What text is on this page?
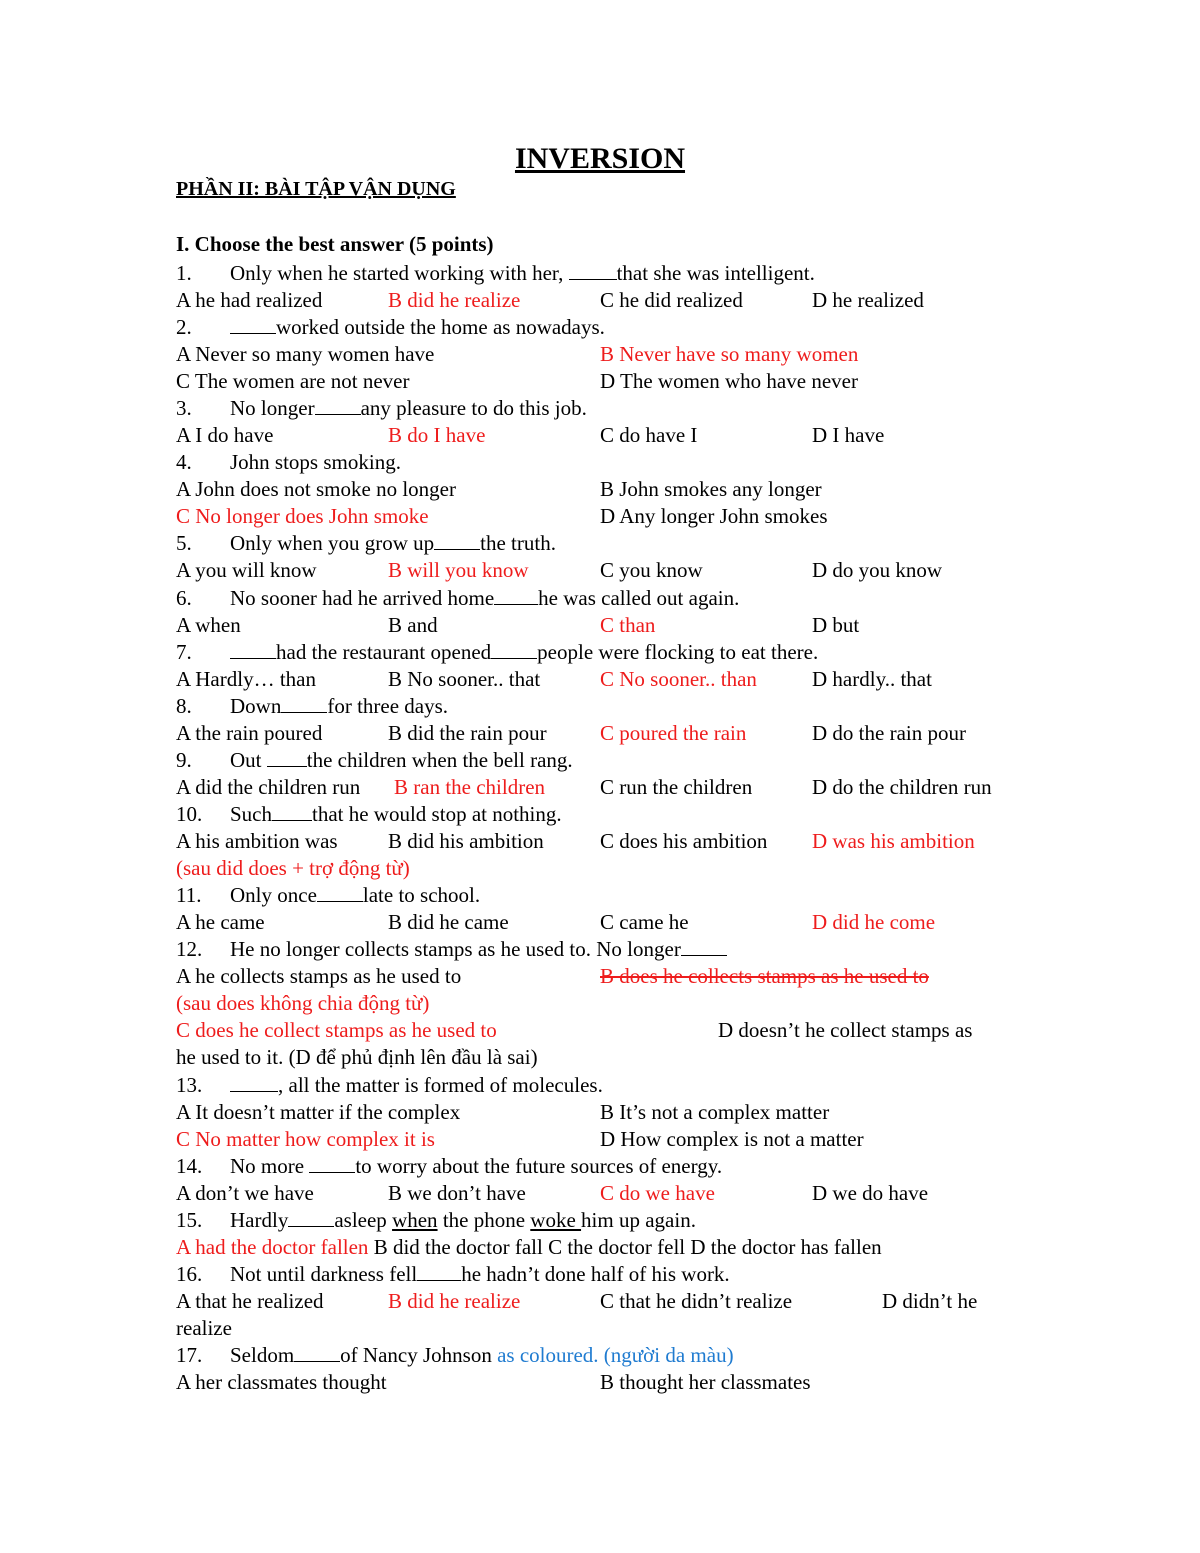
INVERSION
PHẦN II: BÀI TẬP VẬN DỤNG
I. Choose the best answer (5 points)
1. Only when he started working with her, that she was intelligent.
A he had realized	B did he realize	C he did realized	D he realized
2.	worked outside the home as nowadays.
A Never so many women have	B Never have so many women
C The women are not never	D The women who have never
3. No longer any pleasure to do this job.
A I do have	B do I have	C do have I	D I have
4. John stops smoking.
A John does not smoke no longer	B John smokes any longer
C No longer does John smoke	D Any longer John smokes
5. Only when you grow up the truth.
A you will know	B will you know	C you know	D do you know
6. No sooner had he arrived home he was called out again.
A when	B and	C than	D but
7.	had the restaurant opened people were flocking to eat there.
A Hardly… than	B No sooner.. that	C No sooner.. than	D hardly.. that
8. Down for three days.
A the rain poured	B did the rain pour	C poured the rain	D do the rain pour
9. Out the children when the bell rang.
A did the children run B ran the children	C run the children	D do the children run
10. Such that he would stop at nothing.
A his ambition was B did his ambition	C does his ambition D was his ambition
(sau did does + trợ động từ)
11. Only once late to school.
A he came	B did he came	C came he	D did he come
12. He no longer collects stamps as he used to. No longer
A he collects stamps as he used to	B does he collects stamps as he used to
(sau does không chia động từ)
C does he collect stamps as he used to	D doesn’t he collect stamps as
he used to it. (D để phủ định lên đầu là sai)
13.	, all the matter is formed of molecules.
A It doesn’t matter if the complex	B It’s not a complex matter
C No matter how complex it is	D How complex is not a matter
14. No more to worry about the future sources of energy.
A don’t we have	B we don’t have	C do we have	D we do have
15. Hardly asleep when the phone woke him up again.
A had the doctor fallen B did the doctor fall C the doctor fell D the doctor has fallen
16. Not until darkness fell he hadn’t done half of his work.
A that he realized	B did he realize	C that he didn’t realize	D didn’t he
realize
17. Seldom of Nancy Johnson as coloured. (người da màu)
A her classmates thought	B thought her classmates
